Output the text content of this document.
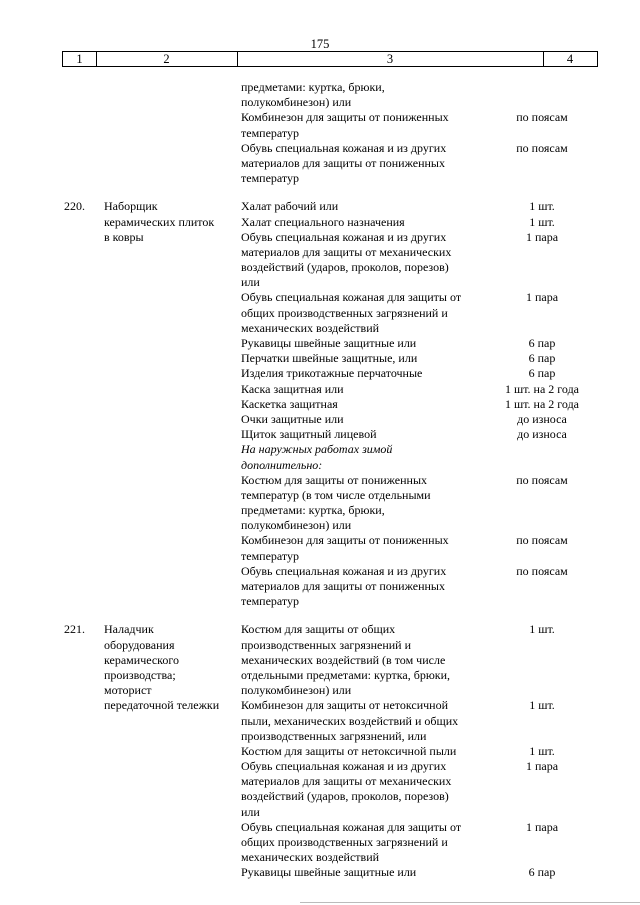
175
1	2	3	4
предметами: куртка, брюки,
полукомбинезон) или
Комбинезон для защиты от пониженных	по поясам
температур
Обувь специальная кожаная и из других	по поясам
материалов для защиты от пониженных
температур
220.	Наборщик
керамических плиток
в ковры
Халат рабочий или	1 шт.
Халат специального назначения	1 шт.
Обувь специальная кожаная и из других	1 пара
материалов для защиты от механических
воздействий (ударов, проколов, порезов)
или
Обувь специальная кожаная для защиты от	1 пара
общих производственных загрязнений и
механических воздействий
Рукавицы швейные защитные или	6 пар
Перчатки швейные защитные, или	6 пар
Изделия трикотажные перчаточные	6 пар
Каска защитная или	1 шт. на 2 года
Каскетка защитная	1 шт. на 2 года
Очки защитные или	до износа
Щиток защитный лицевой	до износа
На наружных работах зимой
дополнительно:
Костюм для защиты от пониженных	по поясам
температур (в том числе отдельными
предметами: куртка, брюки,
полукомбинезон) или
Комбинезон для защиты от пониженных	по поясам
температур
Обувь специальная кожаная и из других	по поясам
материалов для защиты от пониженных
температур
221.	Наладчик
оборудования
керамического
производства;
моторист
передаточной тележки
Костюм для защиты от общих	1 шт.
производственных загрязнений и
механических воздействий (в том числе
отдельными предметами: куртка, брюки,
полукомбинезон) или
Комбинезон для защиты от нетоксичной	1 шт.
пыли, механических воздействий и общих
производственных загрязнений, или
Костюм для защиты от нетоксичной пыли	1 шт.
Обувь специальная кожаная и из других	1 пара
материалов для защиты от механических
воздействий (ударов, проколов, порезов)
или
Обувь специальная кожаная для защиты от	1 пара
общих производственных загрязнений и
механических воздействий
Рукавицы швейные защитные или	6 пар
